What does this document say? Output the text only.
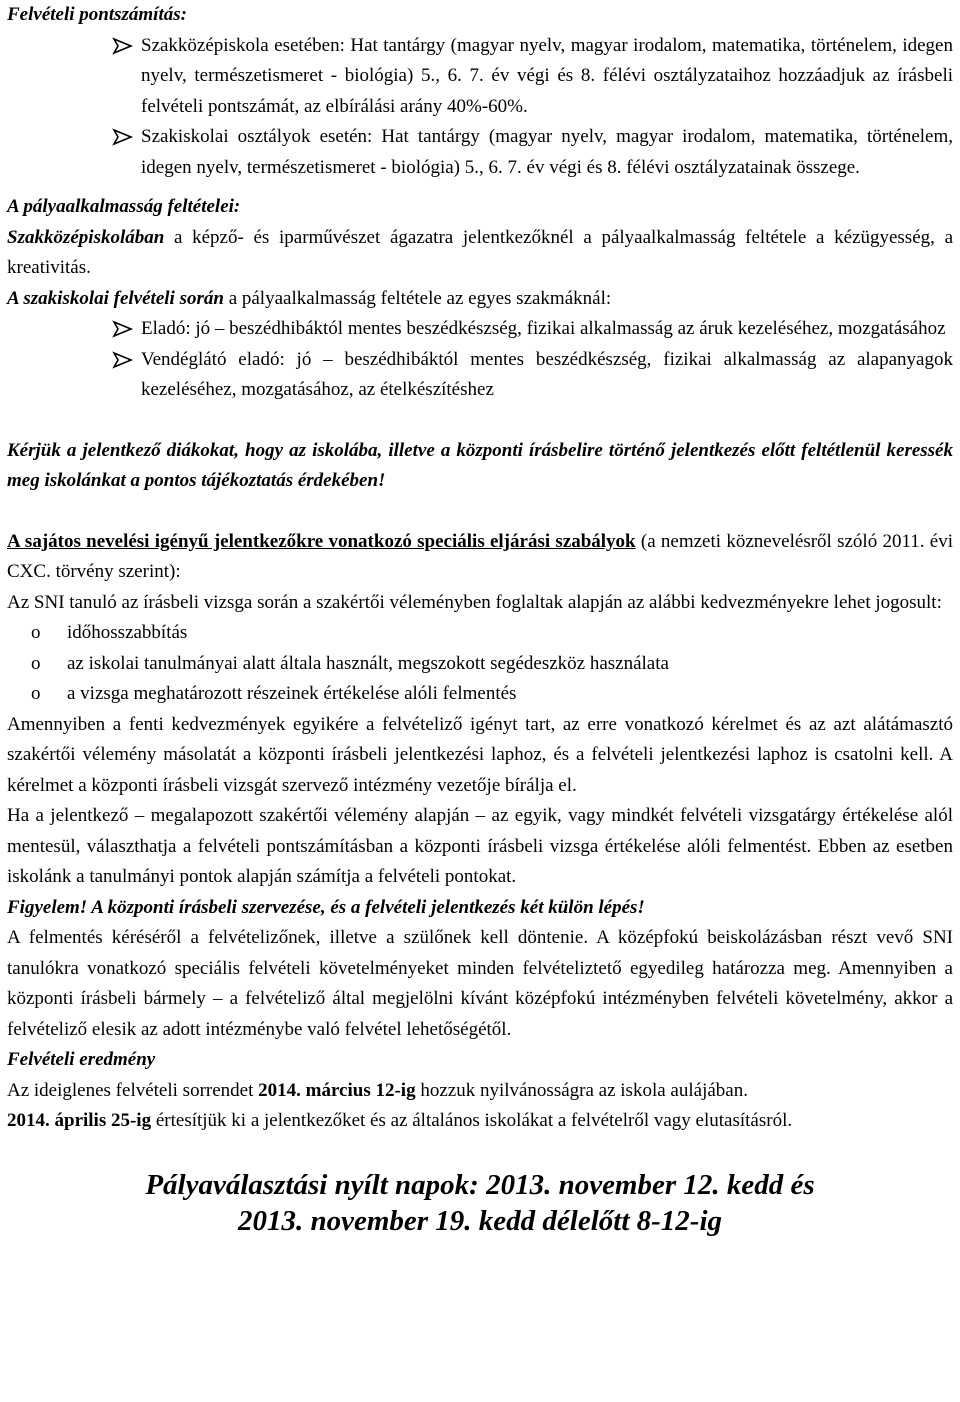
Felvételi pontszámítás:

Szakközépiskola esetében: Hat tantárgy (magyar nyelv, magyar irodalom, matematika, történelem, idegen nyelv, természetismeret - biológia) 5., 6. 7. év végi és 8. félévi osztályzataihoz hozzáadjuk az írásbeli felvételi pontszámát, az elbírálási arány 40%-60%.
Szakiskolai osztályok esetén: Hat tantárgy (magyar nyelv, magyar irodalom, matematika, történelem, idegen nyelv, természetismeret - biológia) 5., 6. 7. év végi és 8. félévi osztályzatainak összege.

A pályaalkalmasság feltételei:

Szakközépiskolában a képző- és iparművészet ágazatra jelentkezőknél a pályaalkalmasság feltétele a kézügyesség, a kreativitás.

A szakiskolai felvételi során a pályaalkalmasság feltétele az egyes szakmáknál:

Eladó: jó – beszédhibáktól mentes beszédkészség, fizikai alkalmasság az áruk kezeléséhez, mozgatásához
Vendéglátó eladó: jó – beszédhibáktól mentes beszédkészség, fizikai alkalmasság az alapanyagok kezeléséhez, mozgatásához, az ételkészítéshez

Kérjük a jelentkező diákokat, hogy az iskolába, illetve a központi írásbelire történő jelentkezés előtt feltétlenül keressék meg iskolánkat a pontos tájékoztatás érdekében!

A sajátos nevelési igényű jelentkezőkre vonatkozó speciális eljárási szabályok (a nemzeti köznevelésről szóló 2011. évi CXC. törvény szerint):

Az SNI tanuló az írásbeli vizsga során a szakértői véleményben foglaltak alapján az alábbi kedvezményekre lehet jogosult:

o időhosszabbítás
o az iskolai tanulmányai alatt általa használt, megszokott segédeszköz használata
o a vizsga meghatározott részeinek értékelése alóli felmentés

Amennyiben a fenti kedvezmények egyikére a felvételiző igényt tart, az erre vonatkozó kérelmet és az azt alátámasztó szakértői vélemény másolatát a központi írásbeli jelentkezési laphoz, és a felvételi jelentkezési laphoz is csatolni kell. A kérelmet a központi írásbeli vizsgát szervező intézmény vezetője bírálja el.

Ha a jelentkező – megalapozott szakértői vélemény alapján – az egyik, vagy mindkét felvételi vizsgatárgy értékelése alól mentesül, választhatja a felvételi pontszámításban a központi írásbeli vizsga értékelése alóli felmentést. Ebben az esetben iskolánk a tanulmányi pontok alapján számítja a felvételi pontokat.

Figyelem! A központi írásbeli szervezése, és a felvételi jelentkezés két külön lépés!

A felmentés kéréséről a felvételizőnek, illetve a szülőnek kell döntenie. A középfokú beiskolázásban részt vevő SNI tanulókra vonatkozó speciális felvételi követelményeket minden felvételiztető egyedileg határozza meg. Amennyiben a központi írásbeli bármely – a felvételiző által megjelölni kívánt középfokú intézményben felvételi követelmény, akkor a felvételiző elesik az adott intézménybe való felvétel lehetőségétől.

Felvételi eredmény

Az ideiglenes felvételi sorrendet 2014. március 12-ig hozzuk nyilvánosságra az iskola aulájában.

2014. április 25-ig értesítjük ki a jelentkezőket és az általános iskolákat a felvételről vagy elutasításról.

Pályaválasztási nyílt napok: 2013. november 12. kedd és
2013. november 19. kedd délelőtt 8-12-ig
